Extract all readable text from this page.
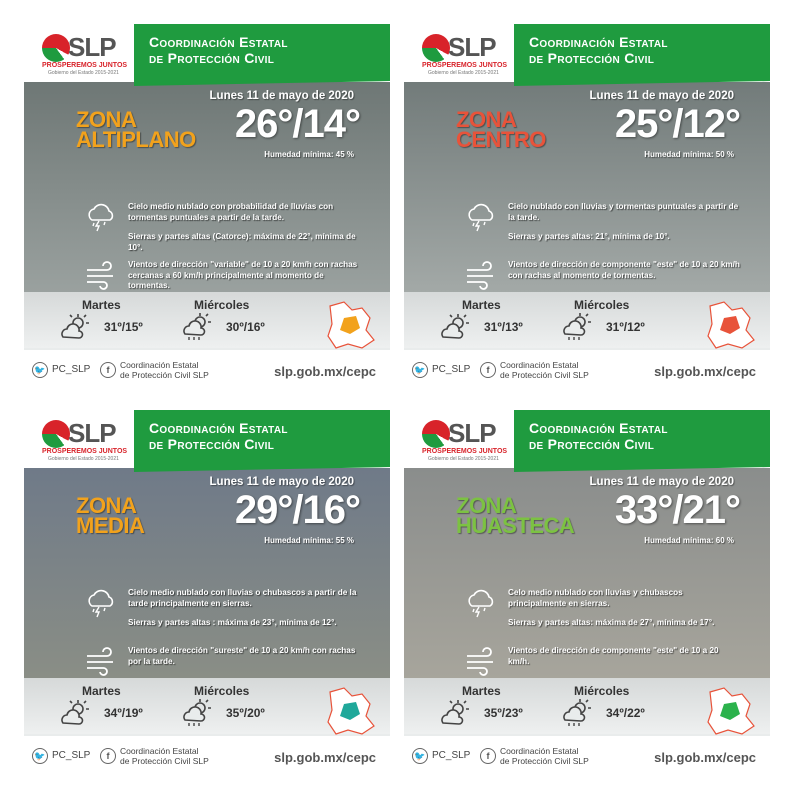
SLP
PROSPEREMOS JUNTOS
Gobierno del Estado 2015-2021
Coordinación Estatal
de Protección Civil
ZONA
ALTIPLANO
Lunes 11 de mayo de 2020
26°/14°
Humedad mínima: 45 %
Cielo medio nublado con probabilidad de lluvias con tormentas puntuales a partir de la tarde.
Sierras y partes altas (Catorce): máxima de 22°, mínima de 10°.
Vientos de dirección "variable" de 10 a 20 km/h con rachas cercanas a 60 km/h principalmente al momento de tormentas.
Martes
31º/15º
Miércoles
30º/16º
🐦 PC_SLP	f	Coordinación Estatal
de Protección Civil SLP	slp.gob.mx/cepc
SLP
PROSPEREMOS JUNTOS
Gobierno del Estado 2015-2021
Coordinación Estatal
de Protección Civil
ZONA
CENTRO
Lunes 11 de mayo de 2020
25°/12°
Humedad mínima: 50 %
Cielo nublado con lluvias y tormentas puntuales a partir de la tarde.
Sierras y partes altas: 21°, mínima de 10°.
Vientos de dirección de componente "este" de 10 a 20 km/h con rachas al momento de tormentas.
Martes
31º/13º
Miércoles
31º/12º
🐦 PC_SLP	f	Coordinación Estatal
de Protección Civil SLP	slp.gob.mx/cepc
SLP
PROSPEREMOS JUNTOS
Gobierno del Estado 2015-2021
Coordinación Estatal
de Protección Civil
ZONA
MEDIA
Lunes 11 de mayo de 2020
29°/16°
Humedad mínima: 55 %
Cielo medio nublado con lluvias o chubascos a partir de la tarde principalmente en sierras.
Sierras y partes altas : máxima de 23°, mínima de 12°.
Vientos de dirección "sureste" de 10 a 20 km/h con rachas por la tarde.
Martes
34º/19º
Miércoles
35º/20º
🐦 PC_SLP	f	Coordinación Estatal
de Protección Civil SLP	slp.gob.mx/cepc
SLP
PROSPEREMOS JUNTOS
Gobierno del Estado 2015-2021
Coordinación Estatal
de Protección Civil
ZONA
HUASTECA
Lunes 11 de mayo de 2020
33°/21°
Humedad mínima: 60 %
Celo medio nublado con lluvias y chubascos principalmente en sierras.
Sierras y partes altas: máxima de 27°, mínima de 17°.
Vientos de dirección de componente "este" de 10 a 20 km/h.
Martes
35º/23º
Miércoles
34º/22º
🐦 PC_SLP	f	Coordinación Estatal
de Protección Civil SLP	slp.gob.mx/cepc
